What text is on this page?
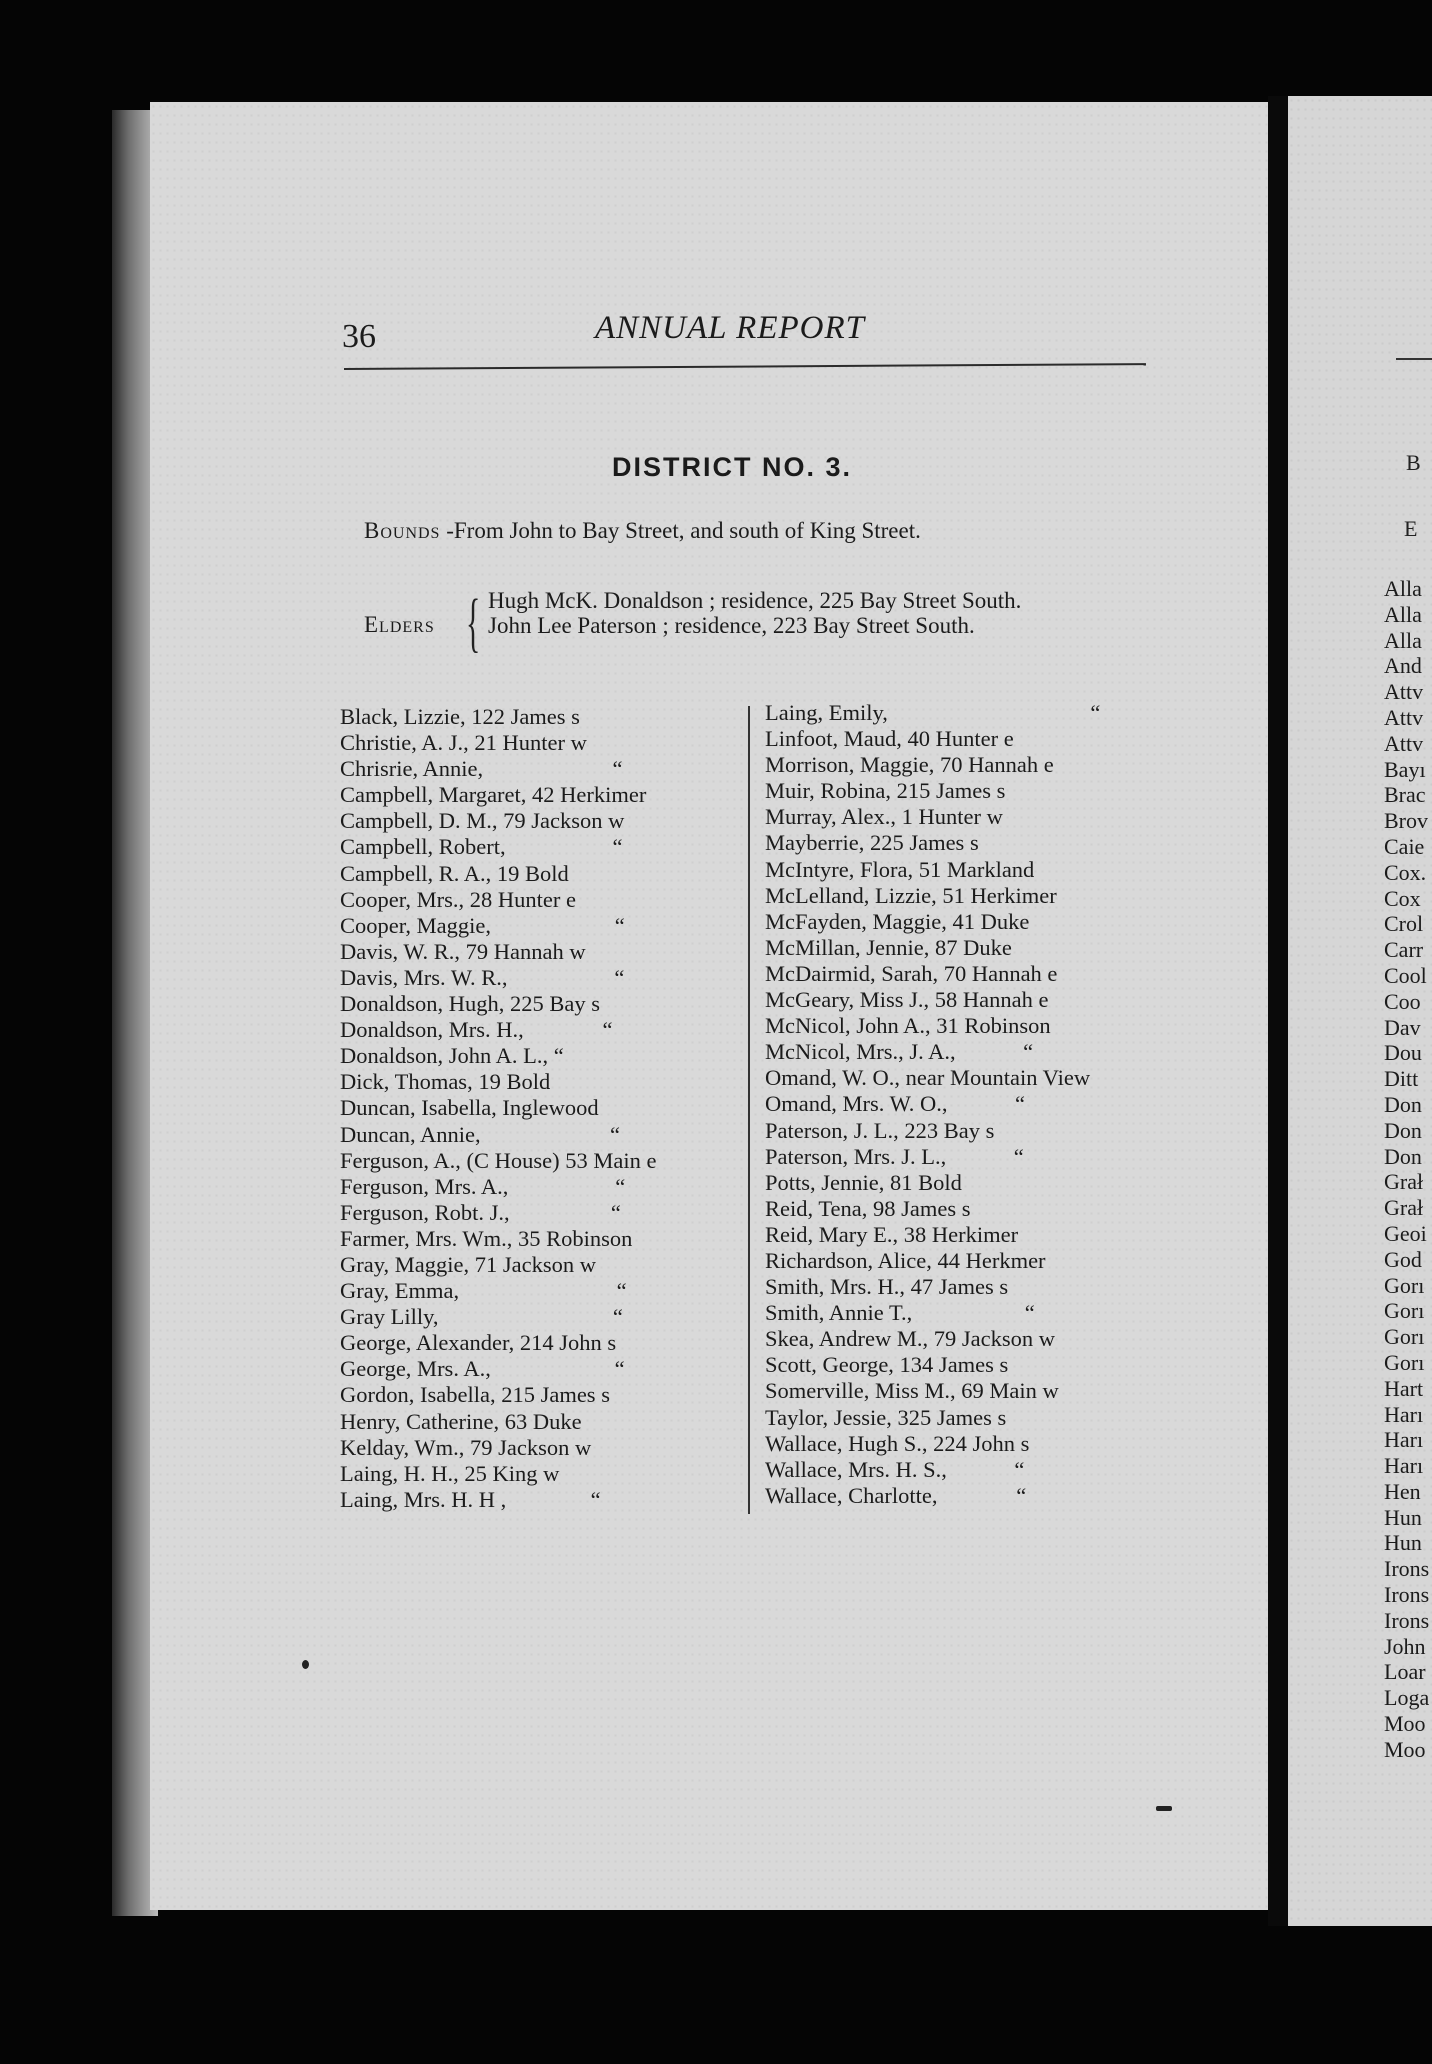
B
E
Alla
Alla
Alla
And
Attv
Attv
Attv
Bayı
Brac
Brov
Caie
Cox.
Cox
Crol
Carr
Cool
Coo
Dav
Dou
Ditt
Don
Don
Don
Grał
Grał
Geoi
God
Gorı
Gorı
Gorı
Gorı
Hart
Harı
Harı
Harı
Hen
Hun
Hun
Irons
Irons
Irons
John
Loar
Loga
Moo
Moo
36	ANNUAL REPORT
DISTRICT NO. 3.
Bounds -From John to Bay Street, and south of King Street.
Elders { Hugh McK. Donaldson ; residence, 225 Bay Street South.
John Lee Paterson ; residence, 223 Bay Street South.
Black, Lizzie, 122 James s
Christie, A. J., 21 Hunter w
Chrisrie, Annie,                       “
Campbell, Margaret, 42 Herkimer
Campbell, D. M., 79 Jackson w
Campbell, Robert,                   “
Campbell, R. A., 19 Bold
Cooper, Mrs., 28 Hunter e
Cooper, Maggie,                      “
Davis, W. R., 79 Hannah w
Davis, Mrs. W. R.,                   “
Donaldson, Hugh, 225 Bay s
Donaldson, Mrs. H.,              “
Donaldson, John A. L., “
Dick, Thomas, 19 Bold
Duncan, Isabella, Inglewood
Duncan, Annie,                       “
Ferguson, A., (C House) 53 Main e
Ferguson, Mrs. A.,                   “
Ferguson, Robt. J.,                  “
Farmer, Mrs. Wm., 35 Robinson
Gray, Maggie, 71 Jackson w
Gray, Emma,                            “
Gray Lilly,                               “
George, Alexander, 214 John s
George, Mrs. A.,                      “
Gordon, Isabella, 215 James s
Henry, Catherine, 63 Duke
Kelday, Wm., 79 Jackson w
Laing, H. H., 25 King w
Laing, Mrs. H. H ,               “
Laing, Emily,                                    “
Linfoot, Maud, 40 Hunter e
Morrison, Maggie, 70 Hannah e
Muir, Robina, 215 James s
Murray, Alex., 1 Hunter w
Mayberrie, 225 James s
McIntyre, Flora, 51 Markland
McLelland, Lizzie, 51 Herkimer
McFayden, Maggie, 41 Duke
McMillan, Jennie, 87 Duke
McDairmid, Sarah, 70 Hannah e
McGeary, Miss J., 58 Hannah e
McNicol, John A., 31 Robinson
McNicol, Mrs., J. A.,            “
Omand, W. O., near Mountain View
Omand, Mrs. W. O.,            “
Paterson, J. L., 223 Bay s
Paterson, Mrs. J. L.,            “
Potts, Jennie, 81 Bold
Reid, Tena, 98 James s
Reid, Mary E., 38 Herkimer
Richardson, Alice, 44 Herkmer
Smith, Mrs. H., 47 James s
Smith, Annie T.,                    “
Skea, Andrew M., 79 Jackson w
Scott, George, 134 James s
Somerville, Miss M., 69 Main w
Taylor, Jessie, 325 James s
Wallace, Hugh S., 224 John s
Wallace, Mrs. H. S.,            “
Wallace, Charlotte,              “
